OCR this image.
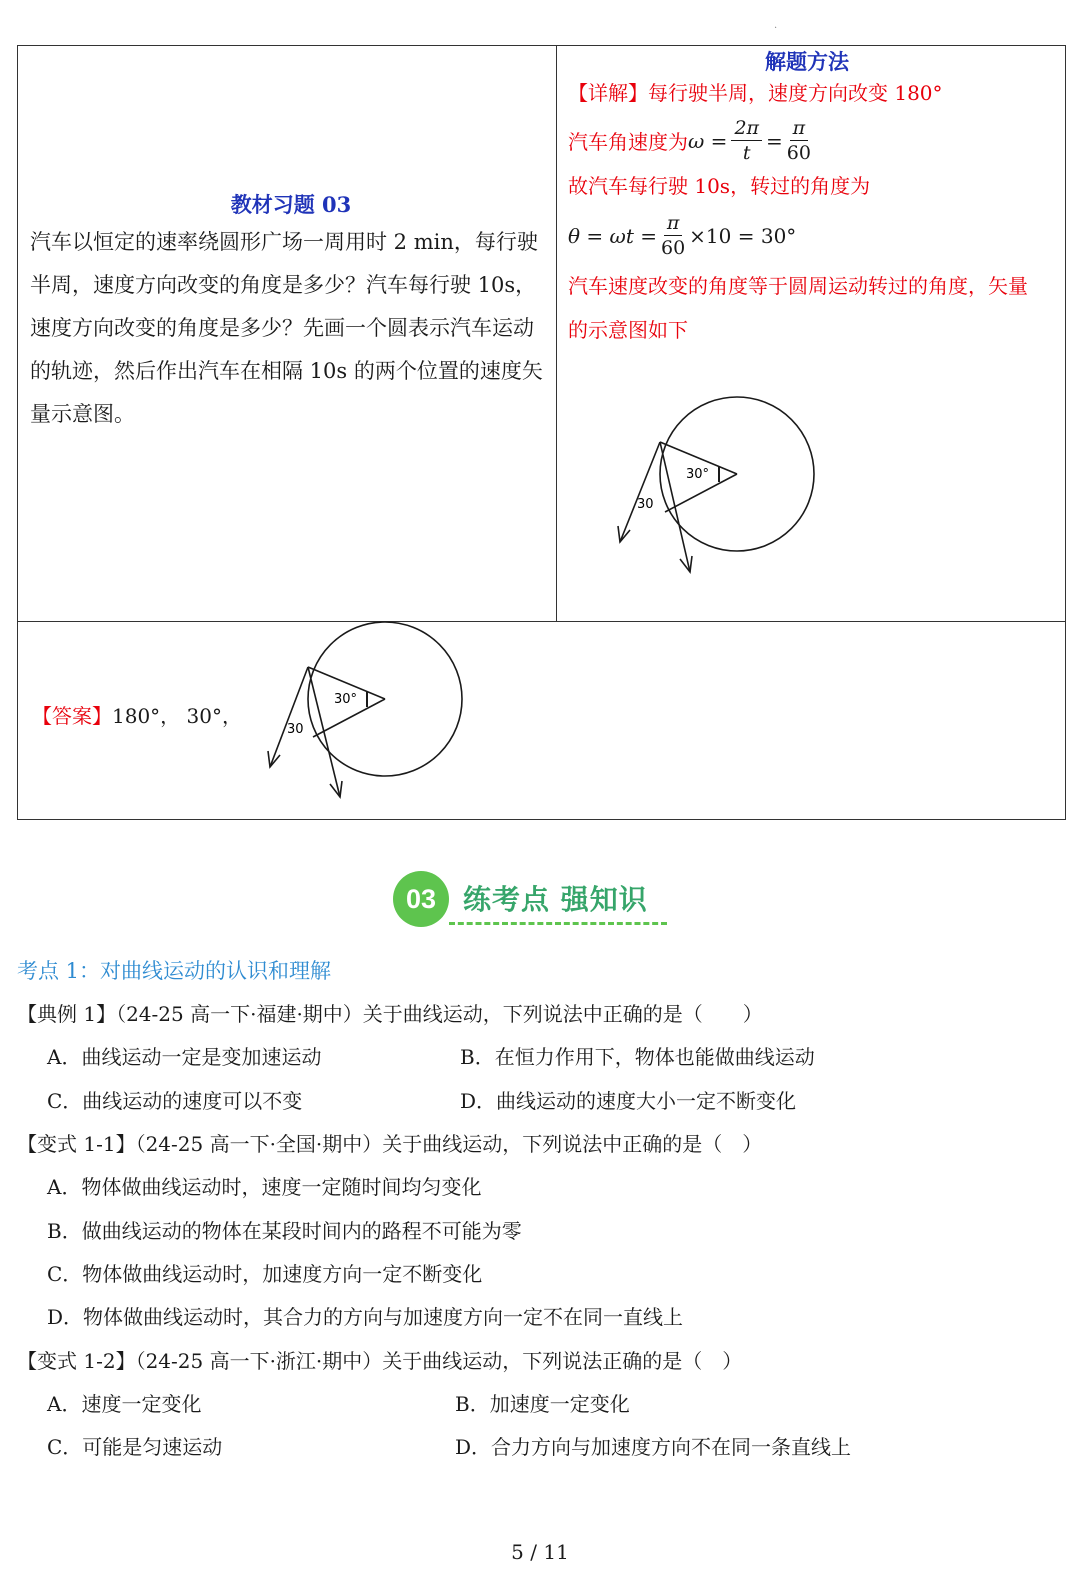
.
教材习题 03
汽车以恒定的速率绕圆形广场一周用时 2 min，每行驶半周，速度方向改变的角度是多少？汽车每行驶 10s，速度方向改变的角度是多少？先画一个圆表示汽车运动的轨迹，然后作出汽车在相隔 10s 的两个位置的速度矢量示意图。

解题方法
【详解】每行驶半周，速度方向改变 180°
汽车角速度为 $\omega = \frac{2\pi}{t} = \frac{\pi}{60}$
故汽车每行驶 10s，转过的角度为
$\theta = \omega t = \frac{\pi}{60} \times 10 = 30^\circ$
汽车速度改变的角度等于圆周运动转过的角度，矢量的示意图如下
30°
30

【答案】180°， 30°，
30°
30
03 练考点 强知识
考点 1：对曲线运动的认识和理解
【典例 1】（24-25 高一下·福建·期中）关于曲线运动，下列说法中正确的是（　　）
A．曲线运动一定是变加速运动	B．在恒力作用下，物体也能做曲线运动
C．曲线运动的速度可以不变	D．曲线运动的速度大小一定不断变化
【变式 1-1】（24-25 高一下·全国·期中）关于曲线运动，下列说法中正确的是（　）
A．物体做曲线运动时，速度一定随时间均匀变化
B．做曲线运动的物体在某段时间内的路程不可能为零
C．物体做曲线运动时，加速度方向一定不断变化
D．物体做曲线运动时，其合力的方向与加速度方向一定不在同一直线上
【变式 1-2】（24-25 高一下·浙江·期中）关于曲线运动，下列说法正确的是（　）
A．速度一定变化	B．加速度一定变化
C．可能是匀速运动	D．合力方向与加速度方向不在同一条直线上
5 / 11
